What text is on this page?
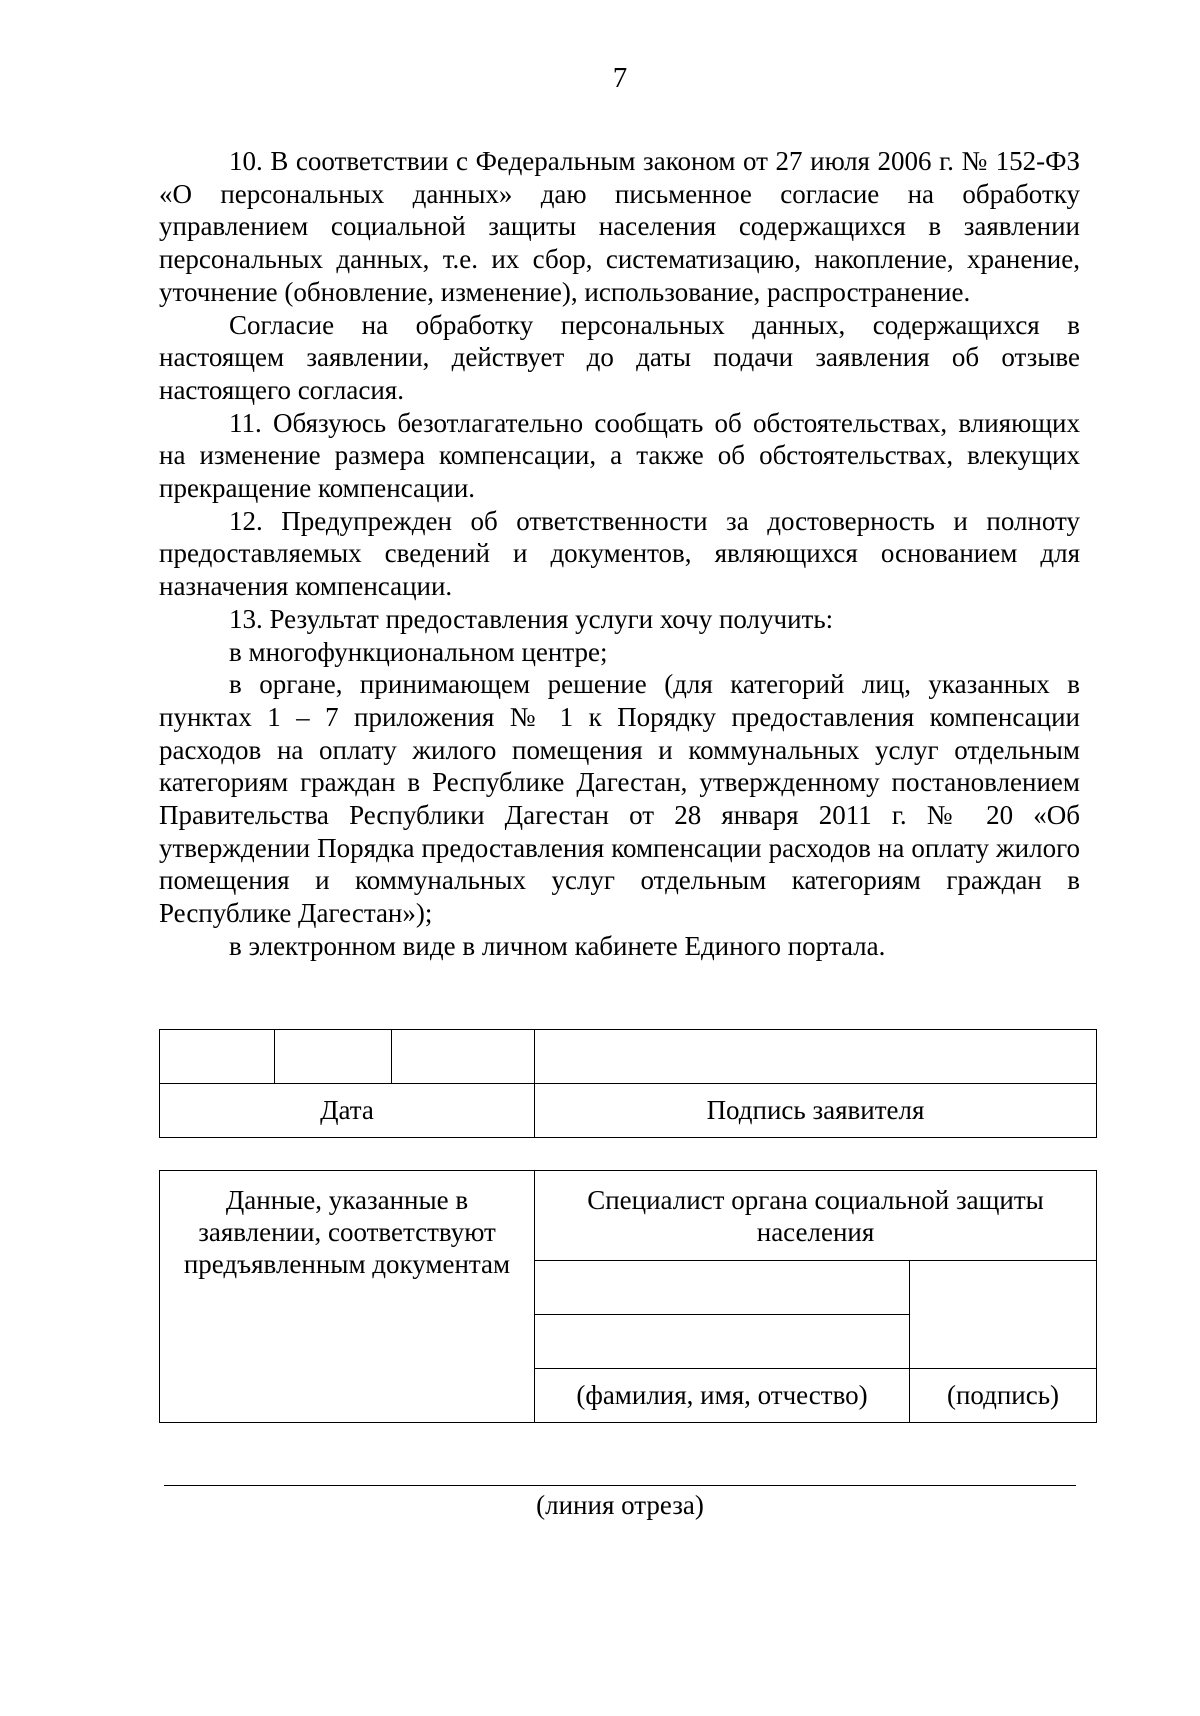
7

10. В соответствии с Федеральным законом от 27 июля 2006 г. № 152-ФЗ «О персональных данных» даю письменное согласие на обработку управлением социальной защиты населения содержащихся в заявлении персональных данных, т.е. их сбор, систематизацию, накопление, хранение, уточнение (обновление, изменение), использование, распространение.

Согласие на обработку персональных данных, содержащихся в настоящем заявлении, действует до даты подачи заявления об отзыве настоящего согласия.

11. Обязуюсь безотлагательно сообщать об обстоятельствах, влияющих на изменение размера компенсации, а также об обстоятельствах, влекущих прекращение компенсации.

12. Предупрежден об ответственности за достоверность и полноту предоставляемых сведений и документов, являющихся основанием для назначения компенсации.

13. Результат предоставления услуги хочу получить:

в многофункциональном центре;

в органе, принимающем решение (для категорий лиц, указанных в пунктах 1 – 7 приложения № 1 к Порядку предоставления компенсации расходов на оплату жилого помещения и коммунальных услуг отдельным категориям граждан в Республике Дагестан, утвержденному постановлением Правительства Республики Дагестан от 28 января 2011 г. № 20 «Об утверждении Порядка предоставления компенсации расходов на оплату жилого помещения и коммунальных услуг отдельным категориям граждан в Республике Дагестан»);

в электронном виде в личном кабинете Единого портала.

Дата			Подпись заявителя
Данные, указанные в заявлении, соответствуют предъявленным документам	Специалист органа социальной защиты населения	

	(фамилия, имя, отчество)	(подпись)
(линия отреза)
